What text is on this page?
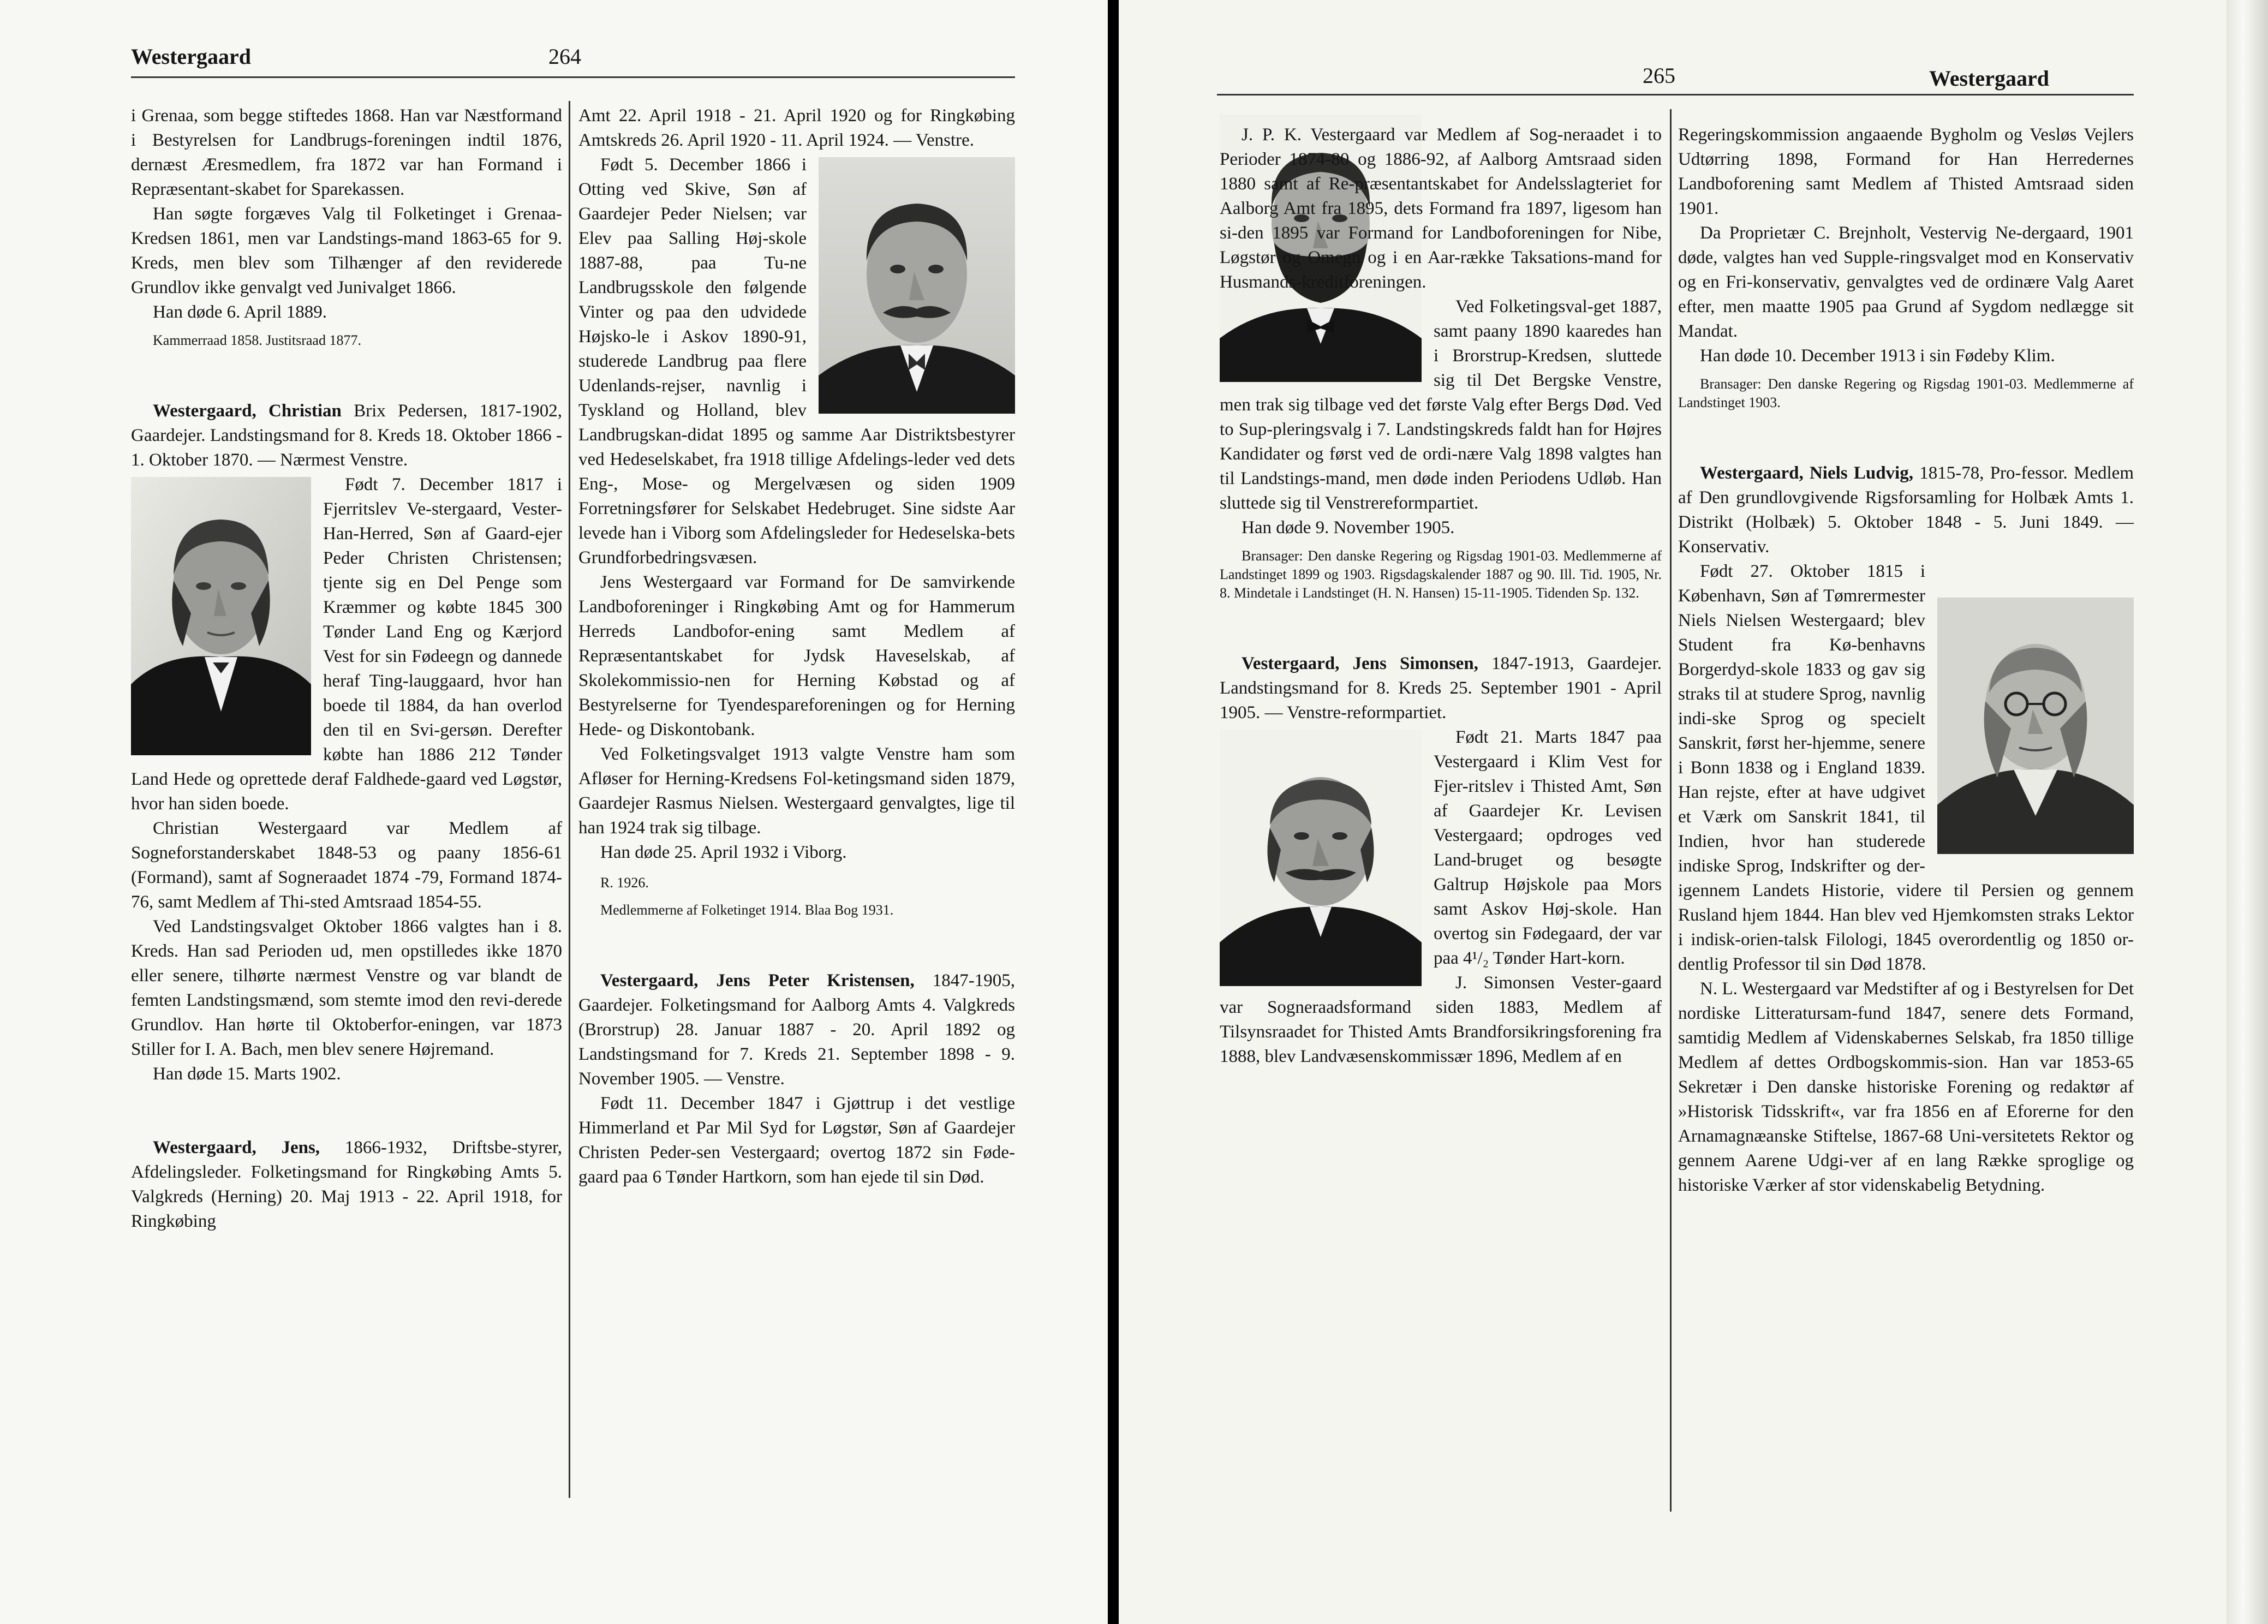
Westergaard	264

i Grenaa, som begge stiftedes 1868. Han var Næstformand i Bestyrelsen for Landbrugs-foreningen indtil 1876, dernæst Æresmedlem, fra 1872 var han Formand i Repræsentant-skabet for Sparekassen.

Han søgte forgæves Valg til Folketinget i Grenaa-Kredsen 1861, men var Landstings-mand 1863-65 for 9. Kreds, men blev som Tilhænger af den reviderede Grundlov ikke genvalgt ved Junivalget 1866.

Han døde 6. April 1889.

Kammerraad 1858. Justitsraad 1877.

Westergaard, Christian Brix Pedersen, 1817-1902, Gaardejer. Landstingsmand for 8. Kreds 18. Oktober 1866 - 1. Oktober 1870. — Nærmest Venstre.

Født 7. December 1817 i Fjerritslev Ve-stergaard, Vester-Han-Herred, Søn af Gaard-ejer Peder Christen Christensen; tjente sig en Del Penge som Kræmmer og købte 1845 300 Tønder Land Eng og Kærjord Vest for sin Fødeegn og dannede heraf Ting-lauggaard, hvor han boede til 1884, da han overlod den til en Svi-gersøn. Derefter købte han 1886 212 Tønder Land Hede og oprettede deraf Faldhede-gaard ved Løgstør, hvor han siden boede.

Christian Westergaard var Medlem af Sogneforstanderskabet 1848-53 og paany 1856-61 (Formand), samt af Sogneraadet 1874 -79, Formand 1874-76, samt Medlem af Thi-sted Amtsraad 1854-55.

Ved Landstingsvalget Oktober 1866 valgtes han i 8. Kreds. Han sad Perioden ud, men opstilledes ikke 1870 eller senere, tilhørte nærmest Venstre og var blandt de femten Landstingsmænd, som stemte imod den revi-derede Grundlov. Han hørte til Oktoberfor-eningen, var 1873 Stiller for I. A. Bach, men blev senere Højremand.

Han døde 15. Marts 1902.

Westergaard, Jens, 1866-1932, Driftsbe-styrer, Afdelingsleder. Folketingsmand for Ringkøbing Amts 5. Valgkreds (Herning) 20. Maj 1913 - 22. April 1918, for Ringkøbing

Amt 22. April 1918 - 21. April 1920 og for Ringkøbing Amtskreds 26. April 1920 - 11. April 1924. — Venstre.

Født 5. December 1866 i Otting ved Skive, Søn af Gaardejer Peder Nielsen; var Elev paa Salling Høj-skole 1887-88, paa Tu-ne Landbrugsskole den følgende Vinter og paa den udvidede Højsko-le i Askov 1890-91, studerede Landbrug paa flere Udenlands-rejser, navnlig i Tyskland og Holland, blev Landbrugskan-didat 1895 og samme Aar Distriktsbestyrer ved Hedeselskabet, fra 1918 tillige Afdelings-leder ved dets Eng-, Mose- og Mergelvæsen og siden 1909 Forretningsfører for Selskabet Hedebruget. Sine sidste Aar levede han i Viborg som Afdelingsleder for Hedeselska-bets Grundforbedringsvæsen.

Jens Westergaard var Formand for De samvirkende Landboforeninger i Ringkøbing Amt og for Hammerum Herreds Landbofor-ening samt Medlem af Repræsentantskabet for Jydsk Haveselskab, af Skolekommissio-nen for Herning Købstad og af Bestyrelserne for Tyendespareforeningen og for Herning Hede- og Diskontobank.

Ved Folketingsvalget 1913 valgte Venstre ham som Afløser for Herning-Kredsens Fol-ketingsmand siden 1879, Gaardejer Rasmus Nielsen. Westergaard genvalgtes, lige til han 1924 trak sig tilbage.

Han døde 25. April 1932 i Viborg.

R. 1926.

Medlemmerne af Folketinget 1914. Blaa Bog 1931.

Vestergaard, Jens Peter Kristensen, 1847-1905, Gaardejer. Folketingsmand for Aalborg Amts 4. Valgkreds (Brorstrup) 28. Januar 1887 - 20. April 1892 og Landstingsmand for 7. Kreds 21. September 1898 - 9. November 1905. — Venstre.

Født 11. December 1847 i Gjøttrup i det vestlige Himmerland et Par Mil Syd for Løgstør, Søn af Gaardejer Christen Peder-sen Vestergaard; overtog 1872 sin Føde-gaard paa 6 Tønder Hartkorn, som han ejede til sin Død.

265	Westergaard

J. P. K. Vestergaard var Medlem af Sog-neraadet i to Perioder 1874-80 og 1886-92, af Aalborg Amtsraad siden 1880 samt af Re-præsentantskabet for Andelsslagteriet for Aalborg Amt fra 1895, dets Formand fra 1897, ligesom han si-den 1895 var Formand for Landboforeningen for Nibe, Løgstør og Omegn og i en Aar-række Taksations-mand for Husmands-kreditforeningen.

Ved Folketingsval-get 1887, samt paany 1890 kaaredes han i Brorstrup-Kredsen, sluttede sig til Det Bergske Venstre, men trak sig tilbage ved det første Valg efter Bergs Død. Ved to Sup-pleringsvalg i 7. Landstingskreds faldt han for Højres Kandidater og først ved de ordi-nære Valg 1898 valgtes han til Landstings-mand, men døde inden Periodens Udløb. Han sluttede sig til Venstrereformpartiet.

Han døde 9. November 1905.

Bransager: Den danske Regering og Rigsdag 1901-03. Medlemmerne af Landstinget 1899 og 1903. Rigsdagskalender 1887 og 90. Ill. Tid. 1905, Nr. 8. Mindetale i Landstinget (H. N. Hansen) 15-11-1905. Tidenden Sp. 132.

Vestergaard, Jens Simonsen, 1847-1913, Gaardejer. Landstingsmand for 8. Kreds 25. September 1901 - April 1905. — Venstre-reformpartiet.

Født 21. Marts 1847 paa Vestergaard i Klim Vest for Fjer-ritslev i Thisted Amt, Søn af Gaardejer Kr. Levisen Vestergaard; opdroges ved Land-bruget og besøgte Galtrup Højskole paa Mors samt Askov Høj-skole. Han overtog sin Fødegaard, der var paa 4¹/₂ Tønder Hart-korn.

J. Simonsen Vester-gaard var Sogneraadsformand siden 1883, Medlem af Tilsynsraadet for Thisted Amts Brandforsikringsforening fra 1888, blev Landvæsenskommissær 1896, Medlem af en

Regeringskommission angaaende Bygholm og Vesløs Vejlers Udtørring 1898, Formand for Han Herredernes Landboforening samt Medlem af Thisted Amtsraad siden 1901.

Da Proprietær C. Brejnholt, Vestervig Ne-dergaard, 1901 døde, valgtes han ved Supple-ringsvalget mod en Konservativ og en Fri-konservativ, genvalgtes ved de ordinære Valg Aaret efter, men maatte 1905 paa Grund af Sygdom nedlægge sit Mandat.

Han døde 10. December 1913 i sin Fødeby Klim.

Bransager: Den danske Regering og Rigsdag 1901-03. Medlemmerne af Landstinget 1903.

Westergaard, Niels Ludvig, 1815-78, Pro-fessor. Medlem af Den grundlovgivende Rigsforsamling for Holbæk Amts 1. Distrikt (Holbæk) 5. Oktober 1848 - 5. Juni 1849. — Konservativ.

Født 27. Oktober 1815 i København, Søn af Tømrermester Niels Nielsen Westergaard; blev Student fra Kø-benhavns Borgerdyd-skole 1833 og gav sig straks til at studere Sprog, navnlig indi-ske Sprog og specielt Sanskrit, først her-hjemme, senere i Bonn 1838 og i England 1839. Han rejste, efter at have udgivet et Værk om Sanskrit 1841, til Indien, hvor han studerede indiske Sprog, Indskrifter og der-igennem Landets Historie, videre til Persien og gennem Rusland hjem 1844. Han blev ved Hjemkomsten straks Lektor i indisk-orien-talsk Filologi, 1845 overordentlig og 1850 or-dentlig Professor til sin Død 1878.

N. L. Westergaard var Medstifter af og i Bestyrelsen for Det nordiske Litteratursam-fund 1847, senere dets Formand, samtidig Medlem af Videnskabernes Selskab, fra 1850 tillige Medlem af dettes Ordbogskommis-sion. Han var 1853-65 Sekretær i Den danske historiske Forening og redaktør af »Historisk Tidsskrift«, var fra 1856 en af Eforerne for den Arnamagnæanske Stiftelse, 1867-68 Uni-versitetets Rektor og gennem Aarene Udgi-ver af en lang Række sproglige og historiske Værker af stor videnskabelig Betydning.
